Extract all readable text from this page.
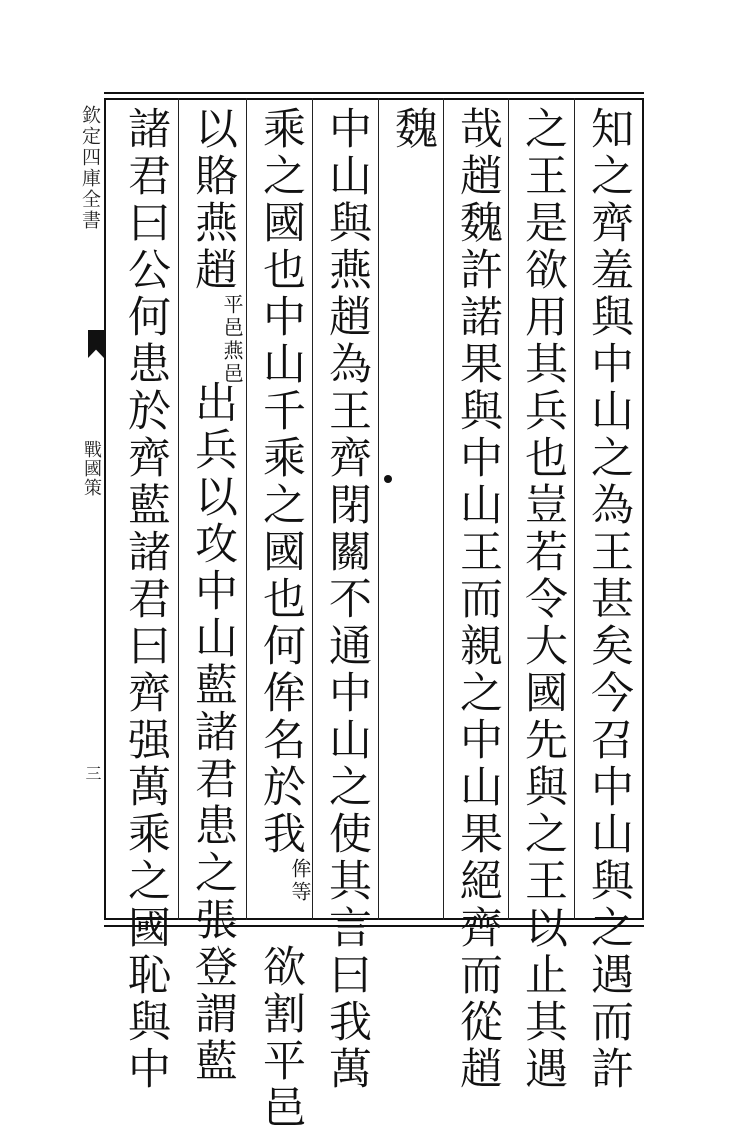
知之齊羞與中山之為王甚矣今召中山與之遇而許
之王是欲用其兵也豈若令大國先與之王以止其遇
哉趙魏許諾果與中山王而親之中山果絕齊而從趙
魏
中山與燕趙為王齊閉關不通中山之使其言曰我萬
乘之國也中山千乘之國也何侔名於我侔等欲割平邑
以賂燕趙平邑燕邑出兵以攻中山藍諸君患之張登謂藍
諸君曰公何患於齊藍諸君曰齊强萬乘之國恥與中
欽定四庫全書
戰國策
三
